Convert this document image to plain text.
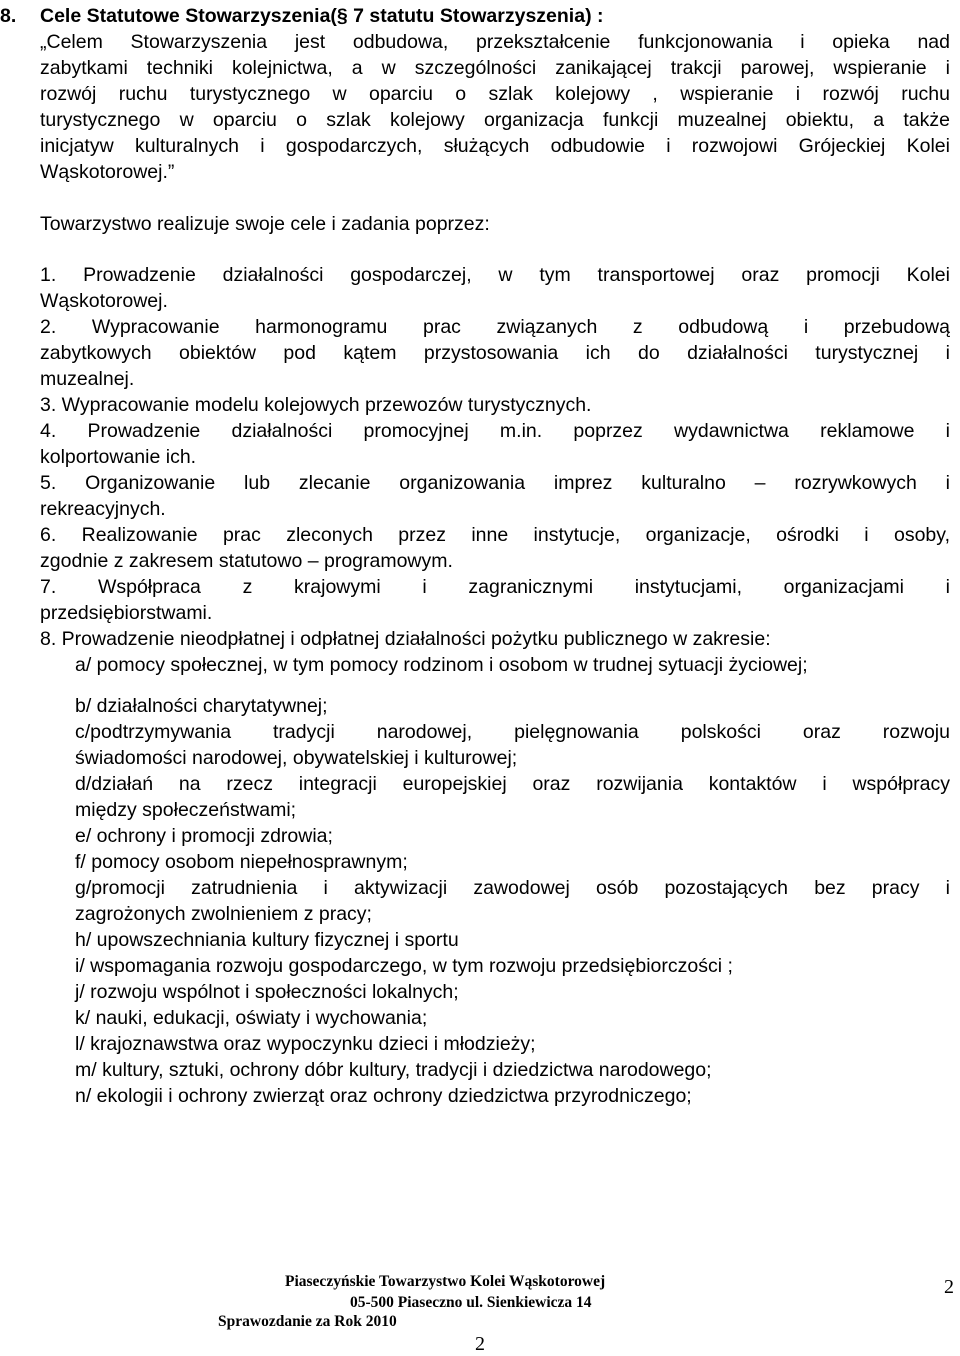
8. Cele Statutowe Stowarzyszenia(§ 7 statutu Stowarzyszenia) :
„Celem Stowarzyszenia jest odbudowa, przekształcenie funkcjonowania i opieka nad
zabytkami techniki kolejnictwa, a w szczególności zanikającej trakcji parowej, wspieranie i
rozwój ruchu turystycznego w oparciu o szlak kolejowy , wspieranie i rozwój ruchu
turystycznego w oparciu o szlak kolejowy organizacja funkcji muzealnej obiektu, a także
inicjatyw kulturalnych i gospodarczych, służących odbudowie i rozwojowi Grójeckiej Kolei
Wąskotorowej.”
Towarzystwo realizuje swoje cele i zadania poprzez:
1. Prowadzenie działalności gospodarczej, w tym transportowej oraz promocji Kolei
Wąskotorowej.
2. Wypracowanie harmonogramu prac związanych z odbudową i przebudową
zabytkowych obiektów pod kątem przystosowania ich do działalności turystycznej i
muzealnej.
3. Wypracowanie modelu kolejowych przewozów turystycznych.
4. Prowadzenie działalności promocyjnej m.in. poprzez wydawnictwa reklamowe i
kolportowanie ich.
5. Organizowanie lub zlecanie organizowania imprez kulturalno – rozrywkowych i
rekreacyjnych.
6. Realizowanie prac zleconych przez inne instytucje, organizacje, ośrodki i osoby,
zgodnie z zakresem statutowo – programowym.
7. Współpraca z krajowymi i zagranicznymi instytucjami, organizacjami i
przedsiębiorstwami.
8. Prowadzenie nieodpłatnej i odpłatnej działalności pożytku publicznego w zakresie:
a/ pomocy społecznej, w tym pomocy rodzinom i osobom w trudnej sytuacji życiowej;
b/ działalności charytatywnej;
c/podtrzymywania tradycji narodowej, pielęgnowania polskości oraz rozwoju
świadomości narodowej, obywatelskiej i kulturowej;
d/działań na rzecz integracji europejskiej oraz rozwijania kontaktów i współpracy
między społeczeństwami;
e/ ochrony i promocji zdrowia;
f/ pomocy osobom niepełnosprawnym;
g/promocji zatrudnienia i aktywizacji zawodowej osób pozostających bez pracy i
zagrożonych zwolnieniem z pracy;
h/ upowszechniania kultury fizycznej i sportu
i/ wspomagania rozwoju gospodarczego, w tym rozwoju przedsiębiorczości ;
j/ rozwoju wspólnot i społeczności lokalnych;
k/ nauki, edukacji, oświaty i wychowania;
l/ krajoznawstwa oraz wypoczynku dzieci i młodzieży;
m/ kultury, sztuki, ochrony dóbr kultury, tradycji i dziedzictwa narodowego;
n/ ekologii i ochrony zwierząt oraz ochrony dziedzictwa przyrodniczego;
Piaseczyńskie Towarzystwo Kolei Wąskotorowej
05-500 Piaseczno ul. Sienkiewicza 14
Sprawozdanie za Rok 2010
2
2
